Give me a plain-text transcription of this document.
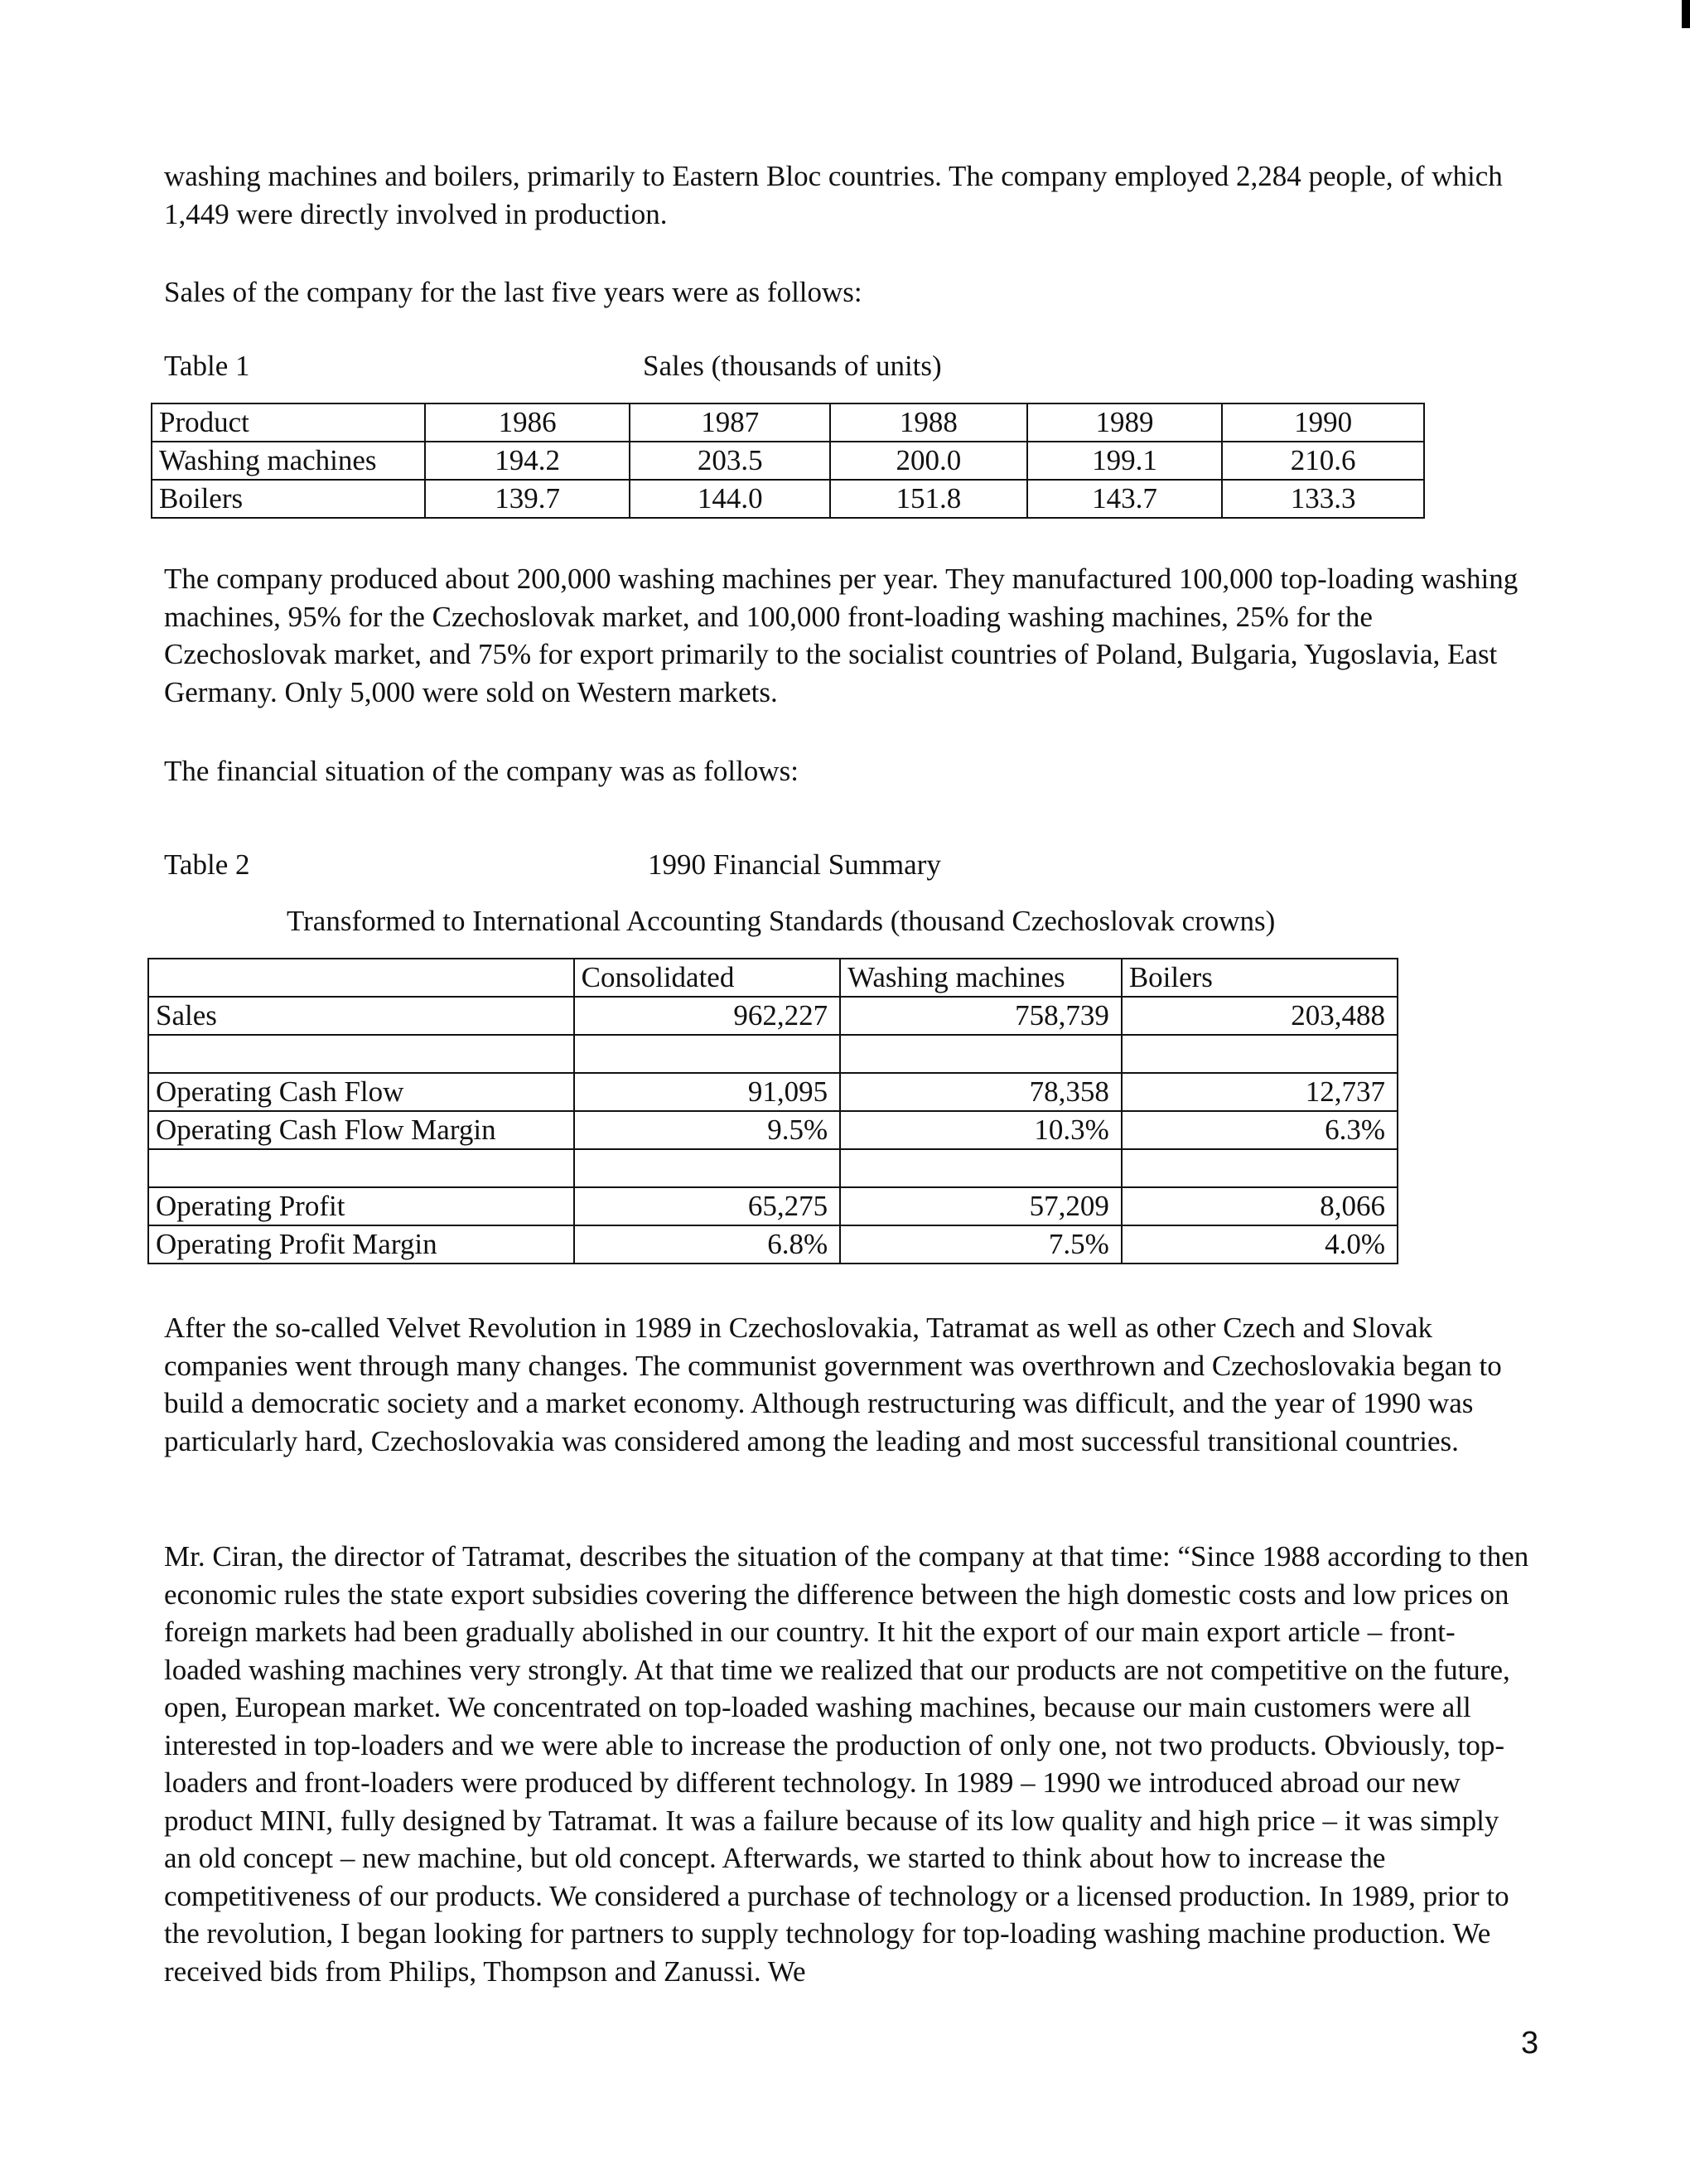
washing machines and boilers, primarily to Eastern Bloc countries. The company employed 2,284 people, of which 1,449 were directly involved in production.

Sales of the company for the last five years were as follows:

Table 1	Sales (thousands of units)
Product	1986	1987	1988	1989	1990
Washing machines	194.2	203.5	200.0	199.1	210.6
Boilers	139.7	144.0	151.8	143.7	133.3

The company produced about 200,000 washing machines per year. They manufactured 100,000 top-loading washing machines, 95% for the Czechoslovak market, and 100,000 front-loading washing machines, 25% for the Czechoslovak market, and 75% for export primarily to the socialist countries of Poland, Bulgaria, Yugoslavia, East Germany. Only 5,000 were sold on Western markets.

The financial situation of the company was as follows:

Table 2	1990 Financial Summary
Transformed to International Accounting Standards (thousand Czechoslovak crowns)
	Consolidated	Washing machines	Boilers
Sales	962,227	758,739	203,488

Operating Cash Flow	91,095	78,358	12,737
Operating Cash Flow Margin	9.5%	10.3%	6.3%

Operating Profit	65,275	57,209	8,066
Operating Profit Margin	6.8%	7.5%	4.0%

After the so-called Velvet Revolution in 1989 in Czechoslovakia, Tatramat as well as other Czech and Slovak companies went through many changes. The communist government was overthrown and Czechoslovakia began to build a democratic society and a market economy. Although restructuring was difficult, and the year of 1990 was particularly hard, Czechoslovakia was considered among the leading and most successful transitional countries.

Mr. Ciran, the director of Tatramat, describes the situation of the company at that time: “Since 1988 according to then economic rules the state export subsidies covering the difference between the high domestic costs and low prices on foreign markets had been gradually abolished in our country. It hit the export of our main export article – front-loaded washing machines very strongly. At that time we realized that our products are not competitive on the future, open, European market. We concentrated on top-loaded washing machines, because our main customers were all interested in top-loaders and we were able to increase the production of only one, not two products. Obviously, top-loaders and front-loaders were produced by different technology. In 1989 – 1990 we introduced abroad our new product MINI, fully designed by Tatramat. It was a failure because of its low quality and high price – it was simply an old concept – new machine, but old concept. Afterwards, we started to think about how to increase the competitiveness of our products. We considered a purchase of technology or a licensed production. In 1989, prior to the revolution, I began looking for partners to supply technology for top-loading washing machine production. We received bids from Philips, Thompson and Zanussi. We

3
